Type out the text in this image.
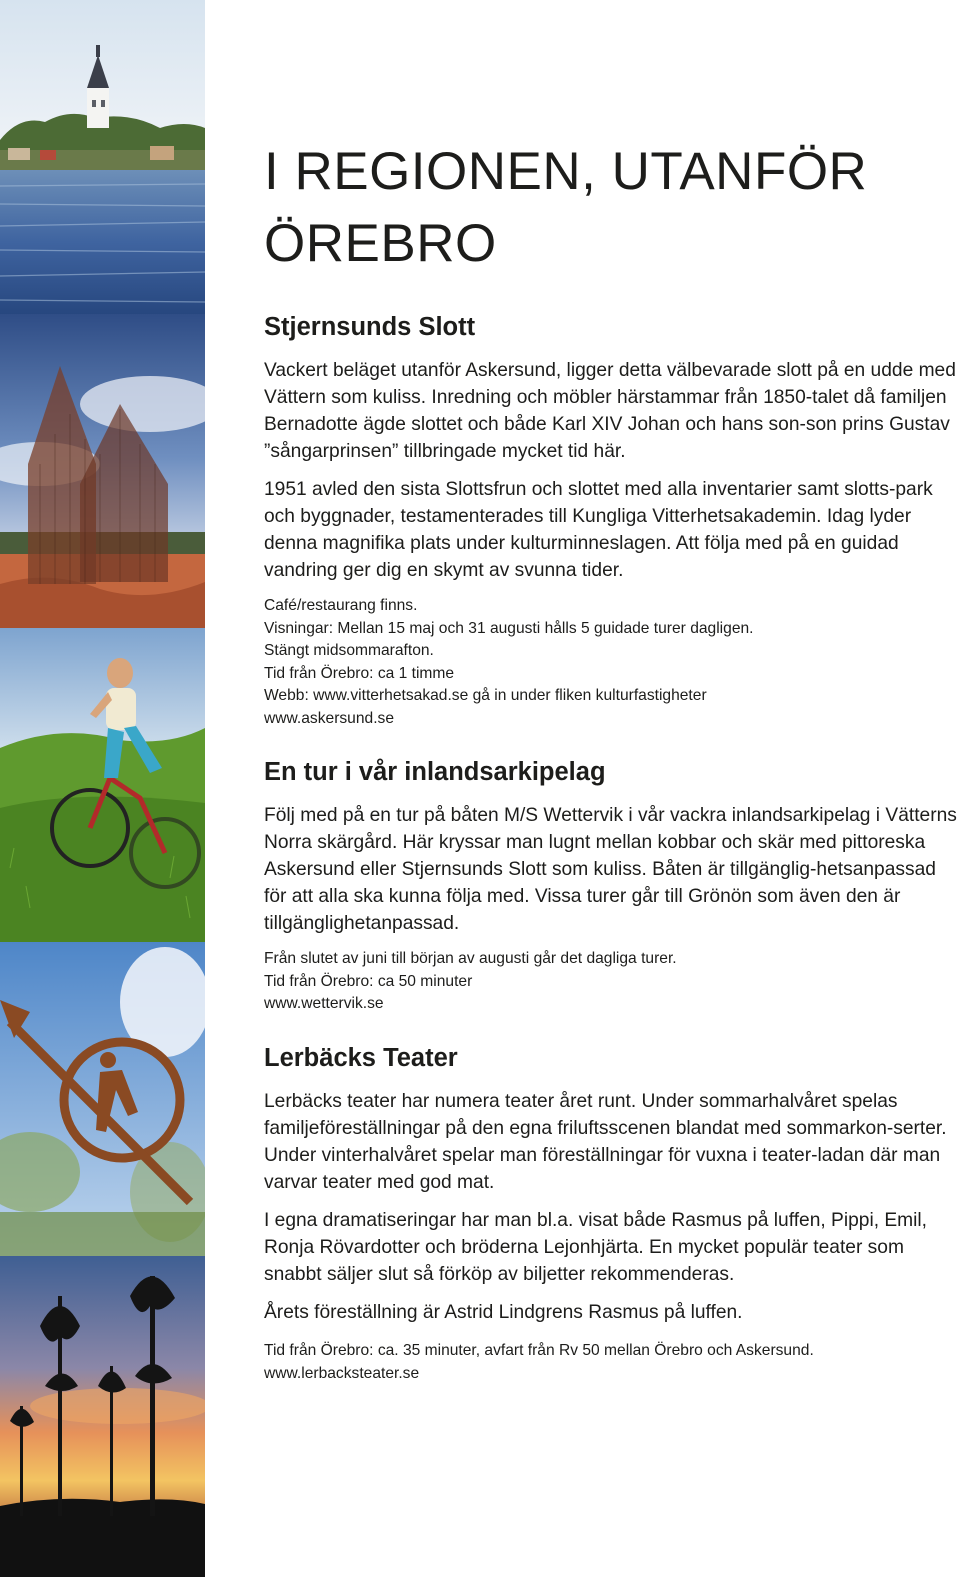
I REGIONEN, UTANFÖR
ÖREBRO
Stjernsunds Slott

Vackert beläget utanför Askersund, ligger detta välbevarade slott på en udde med Vättern som kuliss. Inredning och möbler härstammar från 1850-talet då familjen Bernadotte ägde slottet och både Karl XIV Johan och hans son-son prins Gustav ”sångarprinsen” tillbringade mycket tid här.

1951 avled den sista Slottsfrun och slottet med alla inventarier samt slotts-park och byggnader, testamenterades till Kungliga Vitterhetsakademin. Idag lyder denna magnifika plats under kulturminneslagen. Att följa med på en guidad vandring ger dig en skymt av svunna tider.

Café/restaurang finns.
Visningar: Mellan 15 maj och 31 augusti hålls 5 guidade turer dagligen.
Stängt midsommarafton.
Tid från Örebro: ca 1 timme
Webb: www.vitterhetsakad.se gå in under fliken kulturfastigheter
www.askersund.se
En tur i vår inlandsarkipelag

Följ med på en tur på båten M/S Wettervik i vår vackra inlandsarkipelag i Vätterns Norra skärgård. Här kryssar man lugnt mellan kobbar och skär med pittoreska Askersund eller Stjernsunds Slott som kuliss. Båten är tillgänglig-hetsanpassad för att alla ska kunna följa med. Vissa turer går till Grönön som även den är tillgänglighetanpassad.

Från slutet av juni till början av augusti går det dagliga turer.
Tid från Örebro: ca 50 minuter
www.wettervik.se
Lerbäcks Teater

Lerbäcks teater har numera teater året runt. Under sommarhalvåret spelas familjeföreställningar på den egna friluftsscenen blandat med sommarkon-serter. Under vinterhalvåret spelar man föreställningar för vuxna i teater-ladan där man varvar teater med god mat.

I egna dramatiseringar har man bl.a. visat både Rasmus på luffen, Pippi, Emil, Ronja Rövardotter och bröderna Lejonhjärta. En mycket populär teater som snabbt säljer slut så förköp av biljetter rekommenderas.

Årets föreställning är Astrid Lindgrens Rasmus på luffen.

Tid från Örebro: ca. 35 minuter, avfart från Rv 50 mellan Örebro och Askersund.
www.lerbacksteater.se
